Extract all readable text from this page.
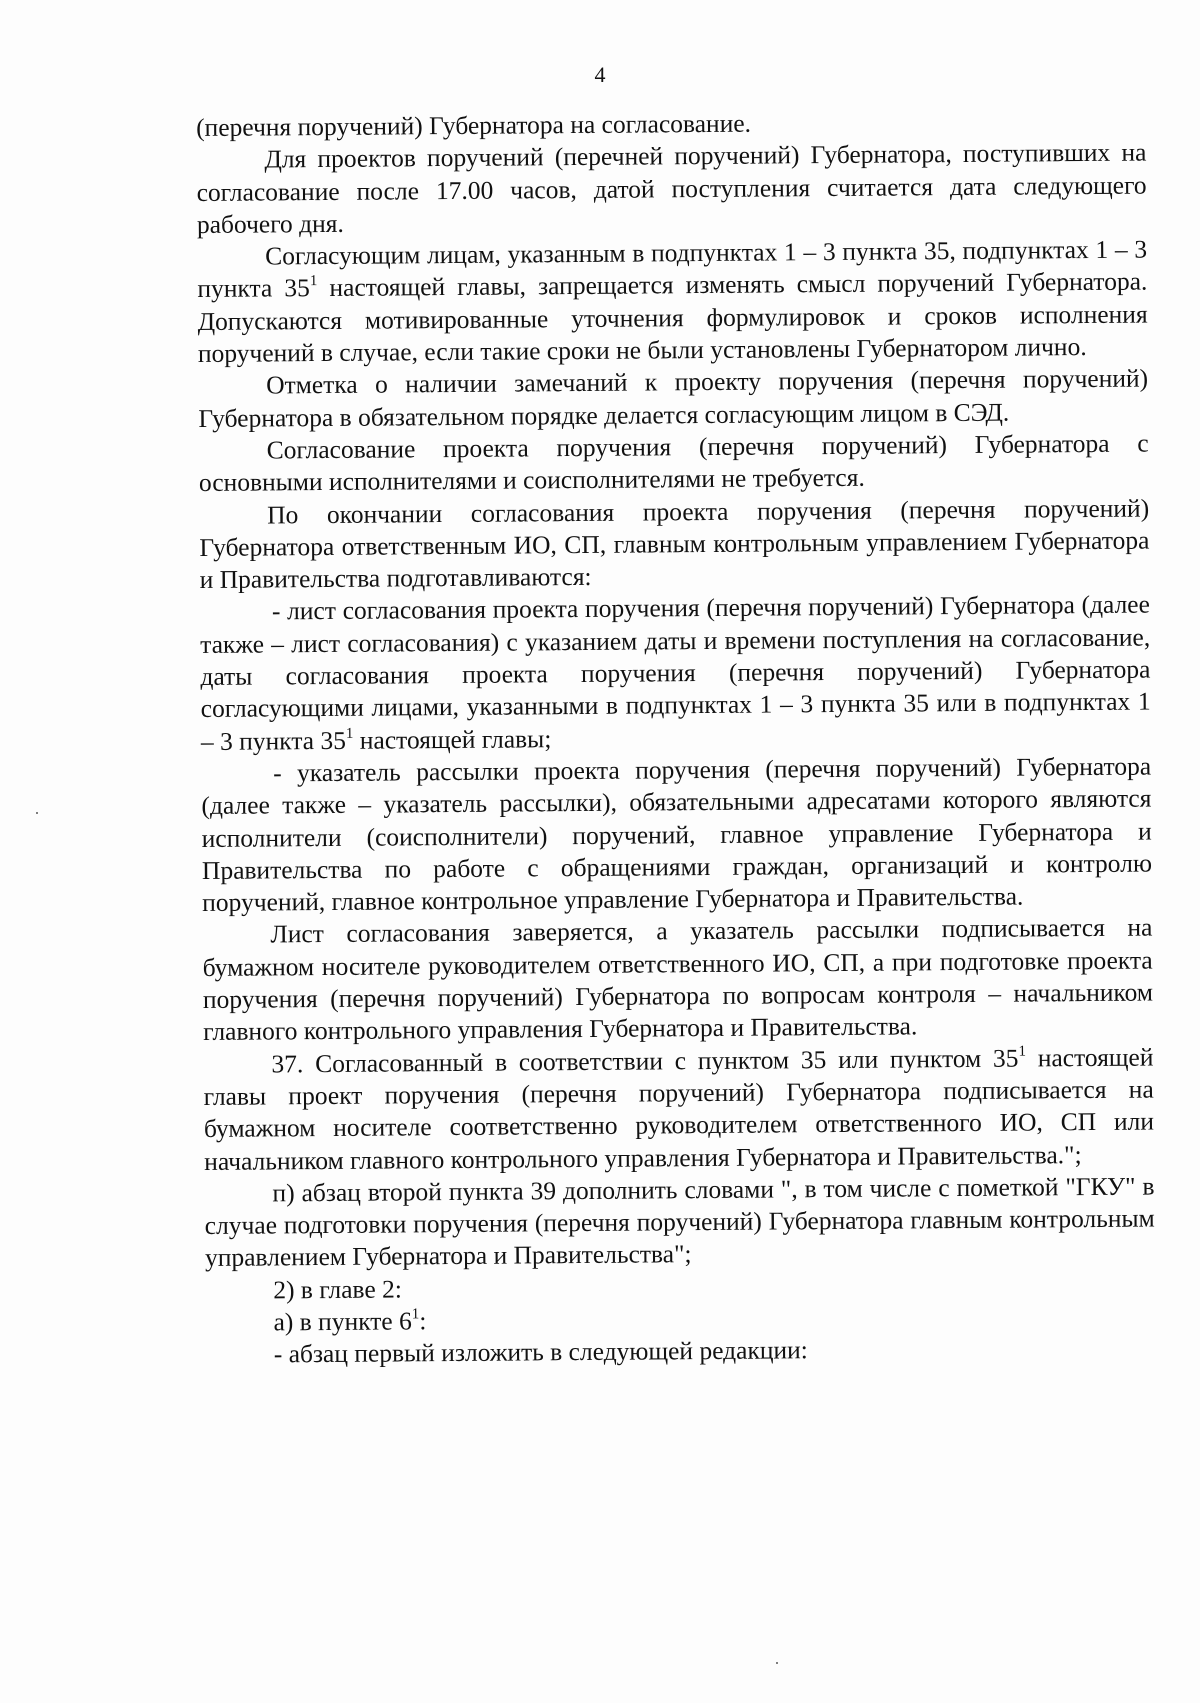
4

(перечня поручений) Губернатора на согласование.

Для проектов поручений (перечней поручений) Губернатора, поступивших на согласование после 17.00 часов, датой поступления считается дата следующего рабочего дня.

Согласующим лицам, указанным в подпунктах 1 – 3 пункта 35, подпунктах 1 – 3 пункта $35^1$ настоящей главы, запрещается изменять смысл поручений Губернатора. Допускаются мотивированные уточнения формулировок и сроков исполнения поручений в случае, если такие сроки не были установлены Губернатором лично.

Отметка о наличии замечаний к проекту поручения (перечня поручений) Губернатора в обязательном порядке делается согласующим лицом в СЭД.

Согласование проекта поручения (перечня поручений) Губернатора с основными исполнителями и соисполнителями не требуется.

По окончании согласования проекта поручения (перечня поручений) Губернатора ответственным ИО, СП, главным контрольным управлением Губернатора и Правительства подготавливаются:

- лист согласования проекта поручения (перечня поручений) Губернатора (далее также – лист согласования) с указанием даты и времени поступления на согласование, даты согласования проекта поручения (перечня поручений) Губернатора согласующими лицами, указанными в подпунктах 1 – 3 пункта 35 или в подпунктах 1 – 3 пункта $35^1$ настоящей главы;

- указатель рассылки проекта поручения (перечня поручений) Губернатора (далее также – указатель рассылки), обязательными адресатами которого являются исполнители (соисполнители) поручений, главное управление Губернатора и Правительства по работе с обращениями граждан, организаций и контролю поручений, главное контрольное управление Губернатора и Правительства.

Лист согласования заверяется, а указатель рассылки подписывается на бумажном носителе руководителем ответственного ИО, СП, а при подготовке проекта поручения (перечня поручений) Губернатора по вопросам контроля – начальником главного контрольного управления Губернатора и Правительства.

37. Согласованный в соответствии с пунктом 35 или пунктом $35^1$ настоящей главы проект поручения (перечня поручений) Губернатора подписывается на бумажном носителе соответственно руководителем ответственного ИО, СП или начальником главного контрольного управления Губернатора и Правительства.";

п) абзац второй пункта 39 дополнить словами ", в том числе с пометкой "ГКУ" в случае подготовки поручения (перечня поручений) Губернатора главным контрольным управлением Губернатора и Правительства";

2) в главе 2:

а) в пункте $6^1$:

- абзац первый изложить в следующей редакции:
